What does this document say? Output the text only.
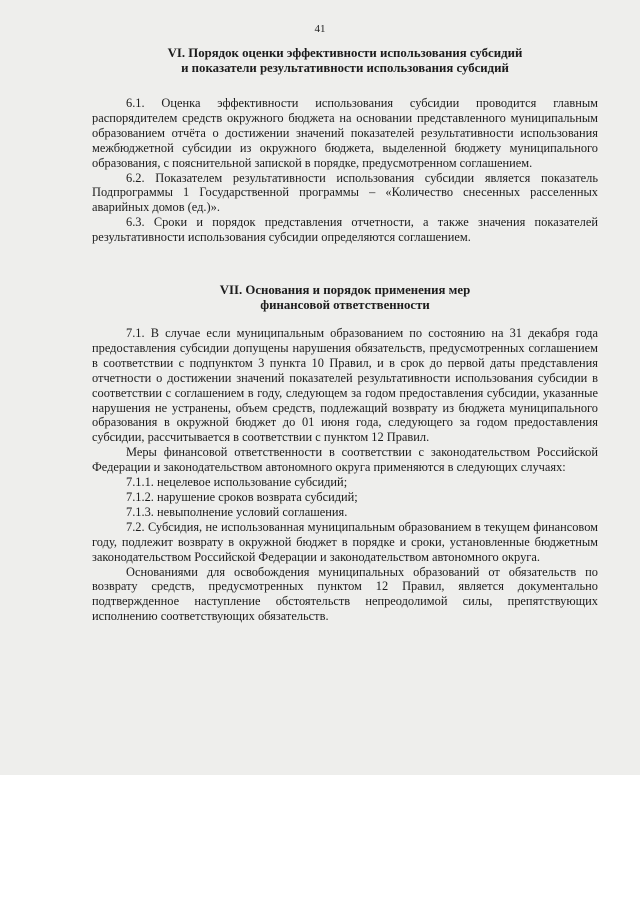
41
VI. Порядок оценки эффективности использования субсидий
и показатели результативности использования субсидий

6.1. Оценка эффективности использования субсидии проводится главным распорядителем средств окружного бюджета на основании представленного муниципальным образованием отчёта о достижении значений показателей результативности использования межбюджетной субсидии из окружного бюджета, выделенной бюджету муниципального образования, с пояснительной запиской в порядке, предусмотренном соглашением.

6.2. Показателем результативности использования субсидии является показатель Подпрограммы 1 Государственной программы – «Количество снесенных расселенных аварийных домов (ед.)».

6.3. Сроки и порядок представления отчетности, а также значения показателей результативности использования субсидии определяются соглашением.

VII. Основания и порядок применения мер
финансовой ответственности

7.1. В случае если муниципальным образованием по состоянию на 31 декабря года предоставления субсидии допущены нарушения обязательств, предусмотренных соглашением в соответствии с подпунктом 3 пункта 10 Правил, и в срок до первой даты представления отчетности о достижении значений показателей результативности использования субсидии в соответствии с соглашением в году, следующем за годом предоставления субсидии, указанные нарушения не устранены, объем средств, подлежащий возврату из бюджета муниципального образования в окружной бюджет до 01 июня года, следующего за годом предоставления субсидии, рассчитывается в соответствии с пунктом 12 Правил.

Меры финансовой ответственности в соответствии с законодательством Российской Федерации и законодательством автономного округа применяются в следующих случаях:

7.1.1. нецелевое использование субсидий;

7.1.2. нарушение сроков возврата субсидий;

7.1.3. невыполнение условий соглашения.

7.2. Субсидия, не использованная муниципальным образованием в текущем финансовом году, подлежит возврату в окружной бюджет в порядке и сроки, установленные бюджетным законодательством Российской Федерации и законодательством автономного округа.

Основаниями для освобождения муниципальных образований от обязательств по возврату средств, предусмотренных пунктом 12 Правил, является документально подтвержденное наступление обстоятельств непреодолимой силы, препятствующих исполнению соответствующих обязательств.
